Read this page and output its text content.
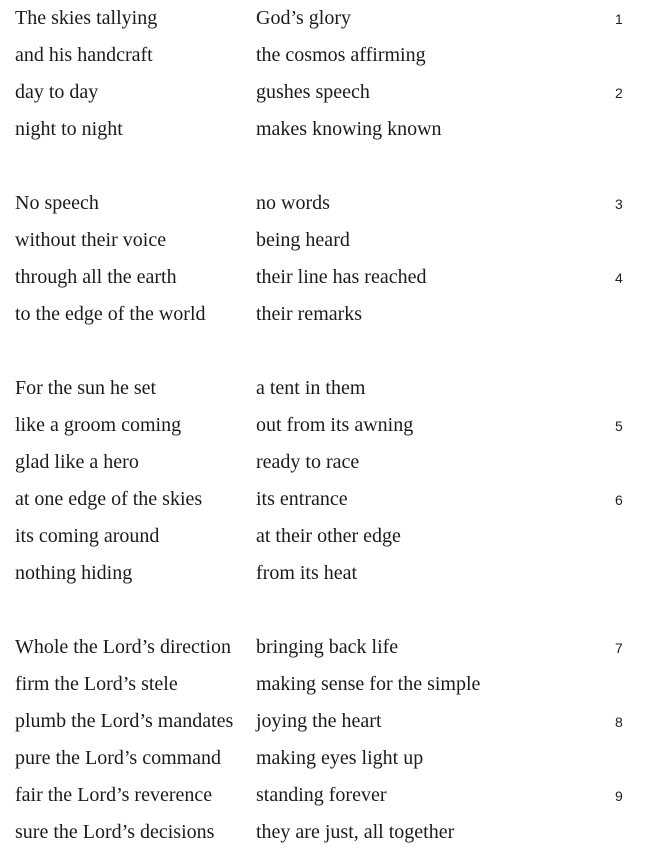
The skies tallying	God’s glory	1
and his handcraft	the cosmos affirming
day to day	gushes speech	2
night to night	makes knowing known
No speech	no words	3
without their voice	being heard
through all the earth	their line has reached	4
to the edge of the world	their remarks
For the sun he set	a tent in them
like a groom coming	out from its awning	5
glad like a hero	ready to race
at one edge of the skies	its entrance	6
its coming around	at their other edge
nothing hiding	from its heat
Whole the Lord’s direction	bringing back life	7
firm the Lord’s stele	making sense for the simple
plumb the Lord’s mandates	joying the heart	8
pure the Lord’s command	making eyes light up
fair the Lord’s reverence	standing forever	9
sure the Lord’s decisions	they are just, all together
